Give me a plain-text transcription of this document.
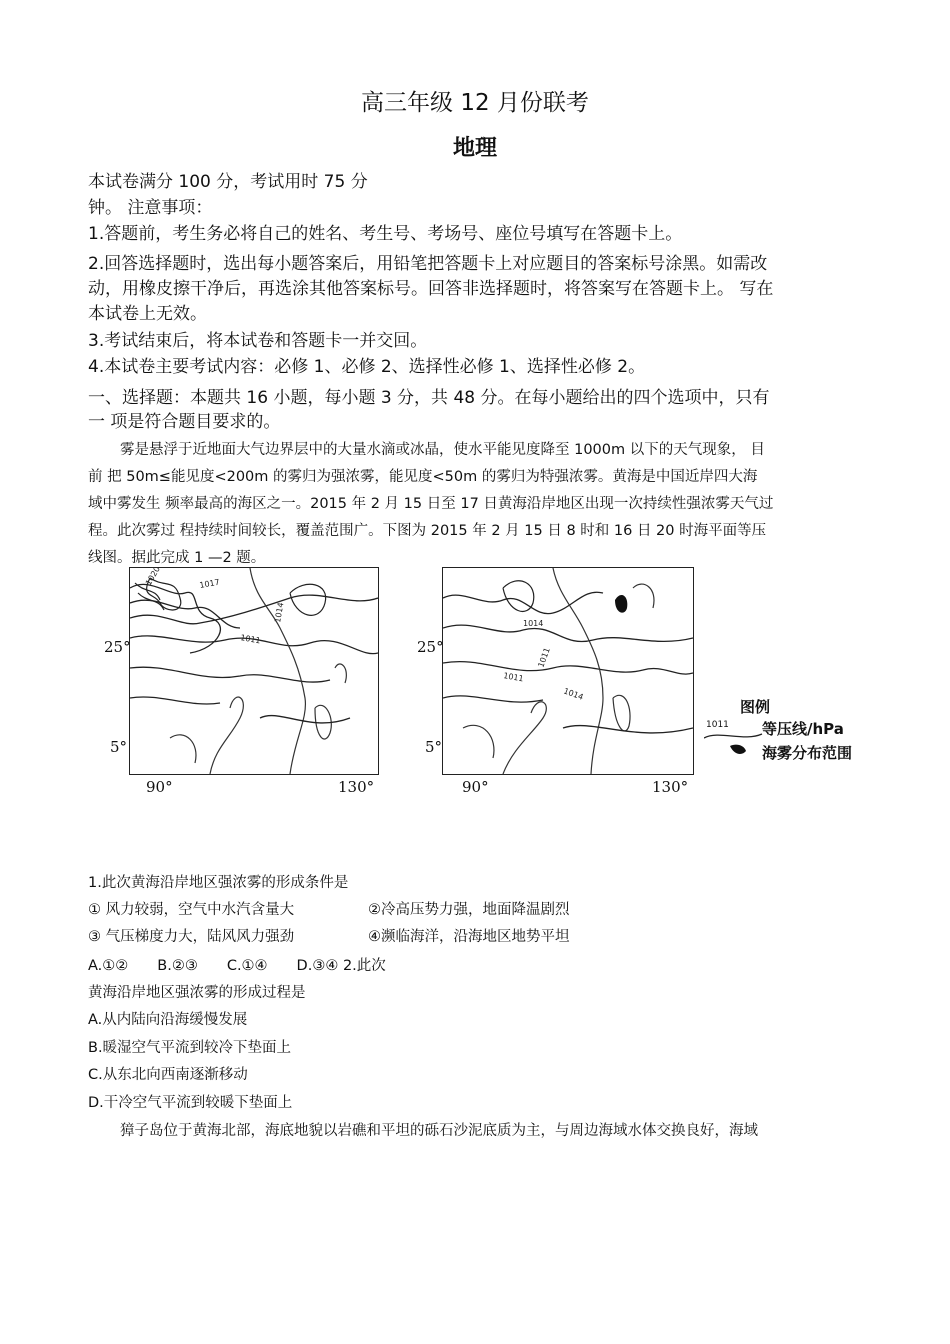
高三年级 12 月份联考
地理
本试卷满分 100 分，考试用时 75 分
钟。 注意事项：
1.答题前，考生务必将自己的姓名、考生号、考场号、座位号填写在答题卡上。
2.回答选择题时，选出每小题答案后，用铅笔把答题卡上对应题目的答案标号涂黑。如需改
动，用橡皮擦干净后，再选涂其他答案标号。回答非选择题时，将答案写在答题卡上。 写在
本试卷上无效。
3.考试结束后，将本试卷和答题卡一并交回。
4.本试卷主要考试内容：必修 1、必修 2、选择性必修 1、选择性必修 2。
一、选择题：本题共 16 小题，每小题 3 分，共 48 分。在每小题给出的四个选项中，只有
一 项是符合题目要求的。
雾是悬浮于近地面大气边界层中的大量水滴或冰晶，使水平能见度降至 1000m 以下的天气现象， 目
前 把 50m≤能见度<200m 的雾归为强浓雾，能见度<50m 的雾归为特强浓雾。黄海是中国近岸四大海
域中雾发生 频率最高的海区之一。2015 年 2 月 15 日至 17 日黄海沿岸地区出现一次持续性强浓雾天气过
程。此次雾过 程持续时间较长，覆盖范围广。下图为 2015 年 2 月 15 日 8 时和 16 日 20 时海平面等压
线图。据此完成 1 —2 题。
1020	1017
1014
1011
25°
5°
90°	130°
1014
1011
1014
1011
25°
5°
90°	130°
图例
1011 等压线/hPa
海雾分布范围
1.此次黄海沿岸地区强浓雾的形成条件是
① 风力较弱，空气中水汽含量大	②冷高压势力强，地面降温剧烈
③ 气压梯度力大，陆风风力强劲	④濒临海洋，沿海地区地势平坦
A.①②　　B.②③　　C.①④　　D.③④ 2.此次
黄海沿岸地区强浓雾的形成过程是
A.从内陆向沿海缓慢发展
B.暖湿空气平流到较冷下垫面上
C.从东北向西南逐渐移动
D.干冷空气平流到较暖下垫面上
獐子岛位于黄海北部，海底地貌以岩礁和平坦的砾石沙泥底质为主，与周边海域水体交换良好，海域
